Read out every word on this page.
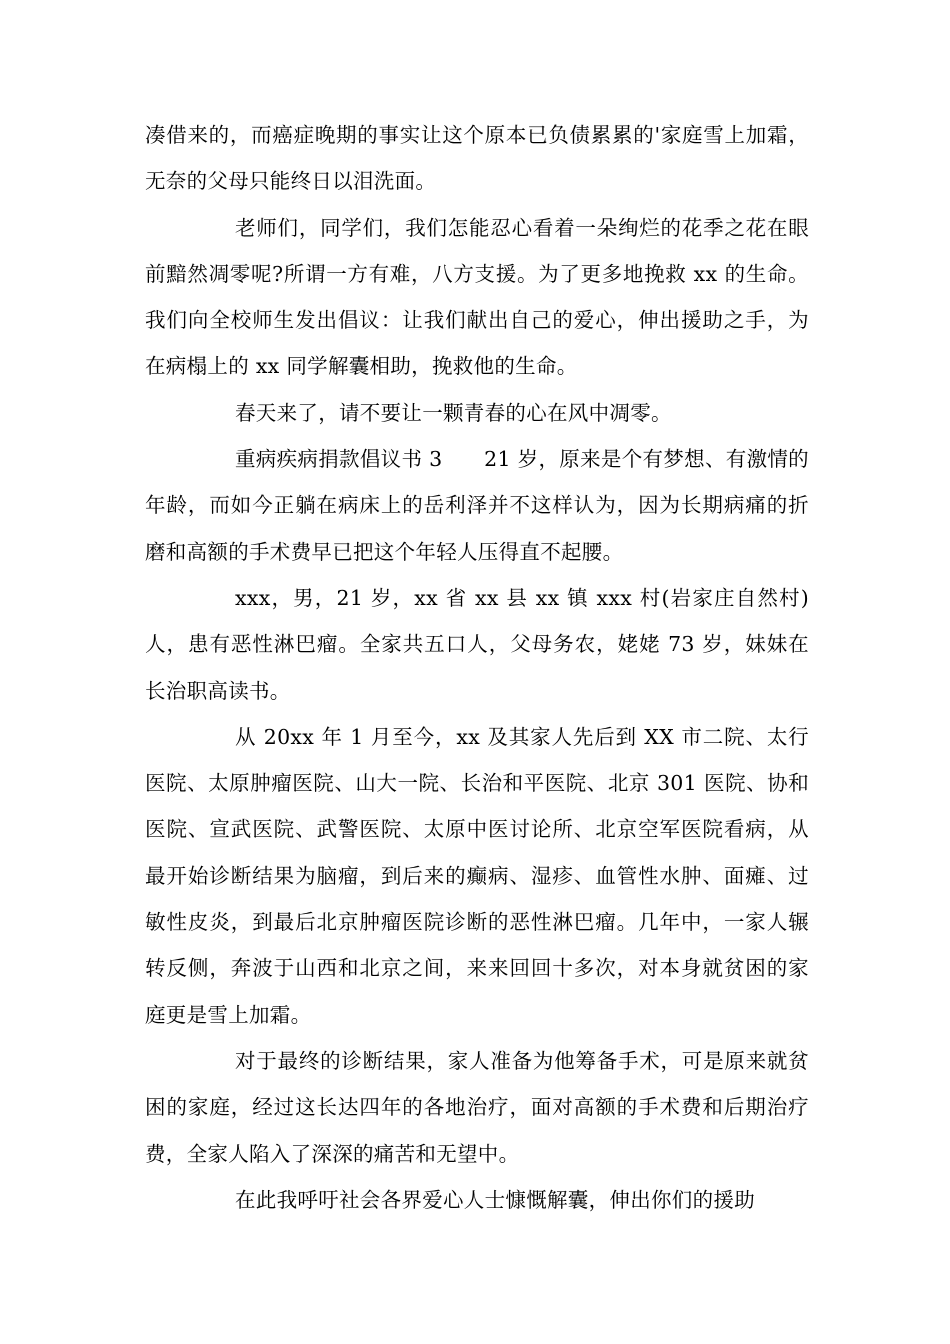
凑借来的，而癌症晚期的事实让这个原本已负债累累的'家庭雪上加霜，无奈的父母只能终日以泪洗面。

老师们，同学们，我们怎能忍心看着一朵绚烂的花季之花在眼前黯然凋零呢?所谓一方有难，八方支援。为了更多地挽救 xx 的生命。我们向全校师生发出倡议：让我们献出自己的爱心，伸出援助之手，为在病榻上的 xx 同学解囊相助，挽救他的生命。

春天来了，请不要让一颗青春的心在风中凋零。

重病疾病捐款倡议书 3　　21 岁，原来是个有梦想、有激情的年龄，而如今正躺在病床上的岳利泽并不这样认为，因为长期病痛的折磨和高额的手术费早已把这个年轻人压得直不起腰。

xxx，男，21 岁，xx 省 xx 县 xx 镇 xxx 村(岩家庄自然村)人，患有恶性淋巴瘤。全家共五口人，父母务农，姥姥 73 岁，妹妹在长治职高读书。

从 20xx 年 1 月至今，xx 及其家人先后到 XX 市二院、太行医院、太原肿瘤医院、山大一院、长治和平医院、北京 301 医院、协和医院、宣武医院、武警医院、太原中医讨论所、北京空军医院看病，从最开始诊断结果为脑瘤，到后来的癫病、湿疹、血管性水肿、面瘫、过敏性皮炎，到最后北京肿瘤医院诊断的恶性淋巴瘤。几年中，一家人辗转反侧，奔波于山西和北京之间，来来回回十多次，对本身就贫困的家庭更是雪上加霜。

对于最终的诊断结果，家人准备为他筹备手术，可是原来就贫困的家庭，经过这长达四年的各地治疗，面对高额的手术费和后期治疗费，全家人陷入了深深的痛苦和无望中。

在此我呼吁社会各界爱心人士慷慨解囊，伸出你们的援助
